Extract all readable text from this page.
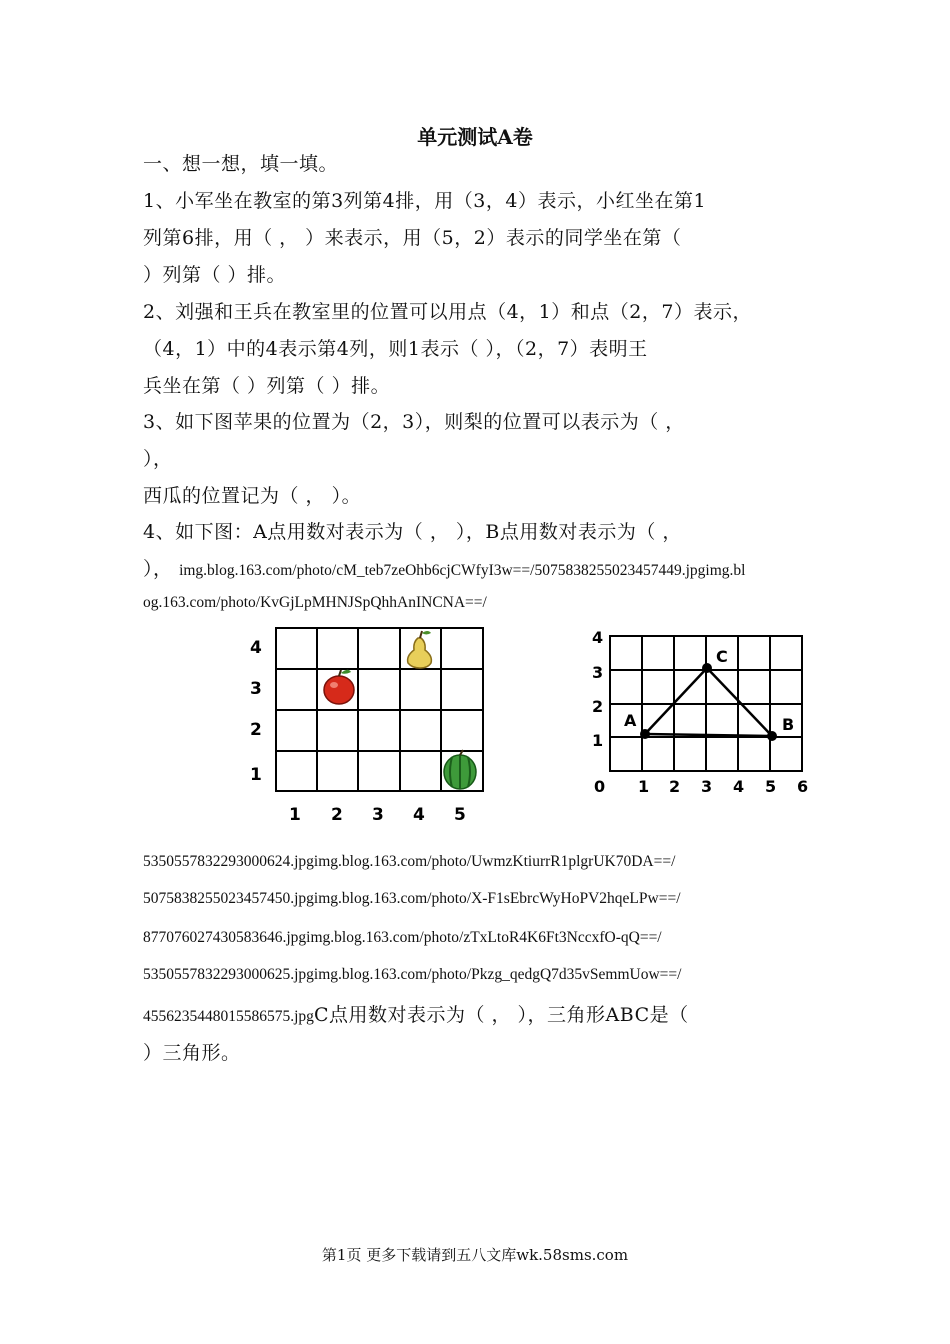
单元测试A卷
一、想一想，填一填。
1、小军坐在教室的第3列第4排，用（3，4）表示，小红坐在第1
列第6排，用（ ， ）来表示，用（5，2）表示的同学坐在第（
）列第（ ）排。
2、刘强和王兵在教室里的位置可以用点（4，1）和点（2，7）表示，
（4，1）中的4表示第4列，则1表示（ ），（2，7）表明王
兵坐在第（ ）列第（ ）排。
3、如下图苹果的位置为（2，3），则梨的位置可以表示为（ ，
），
西瓜的位置记为（ ， ）。
4、如下图：A点用数对表示为（ ， ），B点用数对表示为（ ，
）， img.blog.163.com/photo/cM_teb7zeOhb6cjCWfyI3w==/5075838255023457449.jpgimg.bl
og.163.com/photo/KvGjLpMHNJSpQhhAnINCNA==/
4
3
2
1
1 2 3 4 5
A	B
C
4
3
2
1
0 1 2 3 4 5 6
5350557832293000624.jpgimg.blog.163.com/photo/UwmzKtiurrR1plgrUK70DA==/
5075838255023457450.jpgimg.blog.163.com/photo/X-F1sEbrcWyHoPV2hqeLPw==/
877076027430583646.jpgimg.blog.163.com/photo/zTxLtoR4K6Ft3NccxfO-qQ==/
5350557832293000625.jpgimg.blog.163.com/photo/Pkzg_qedgQ7d35vSemmUow==/
4556235448015586575.jpgC点用数对表示为（ ， ），三角形ABC是（
）三角形。
第1页 更多下载请到五八文库wk.58sms.com
